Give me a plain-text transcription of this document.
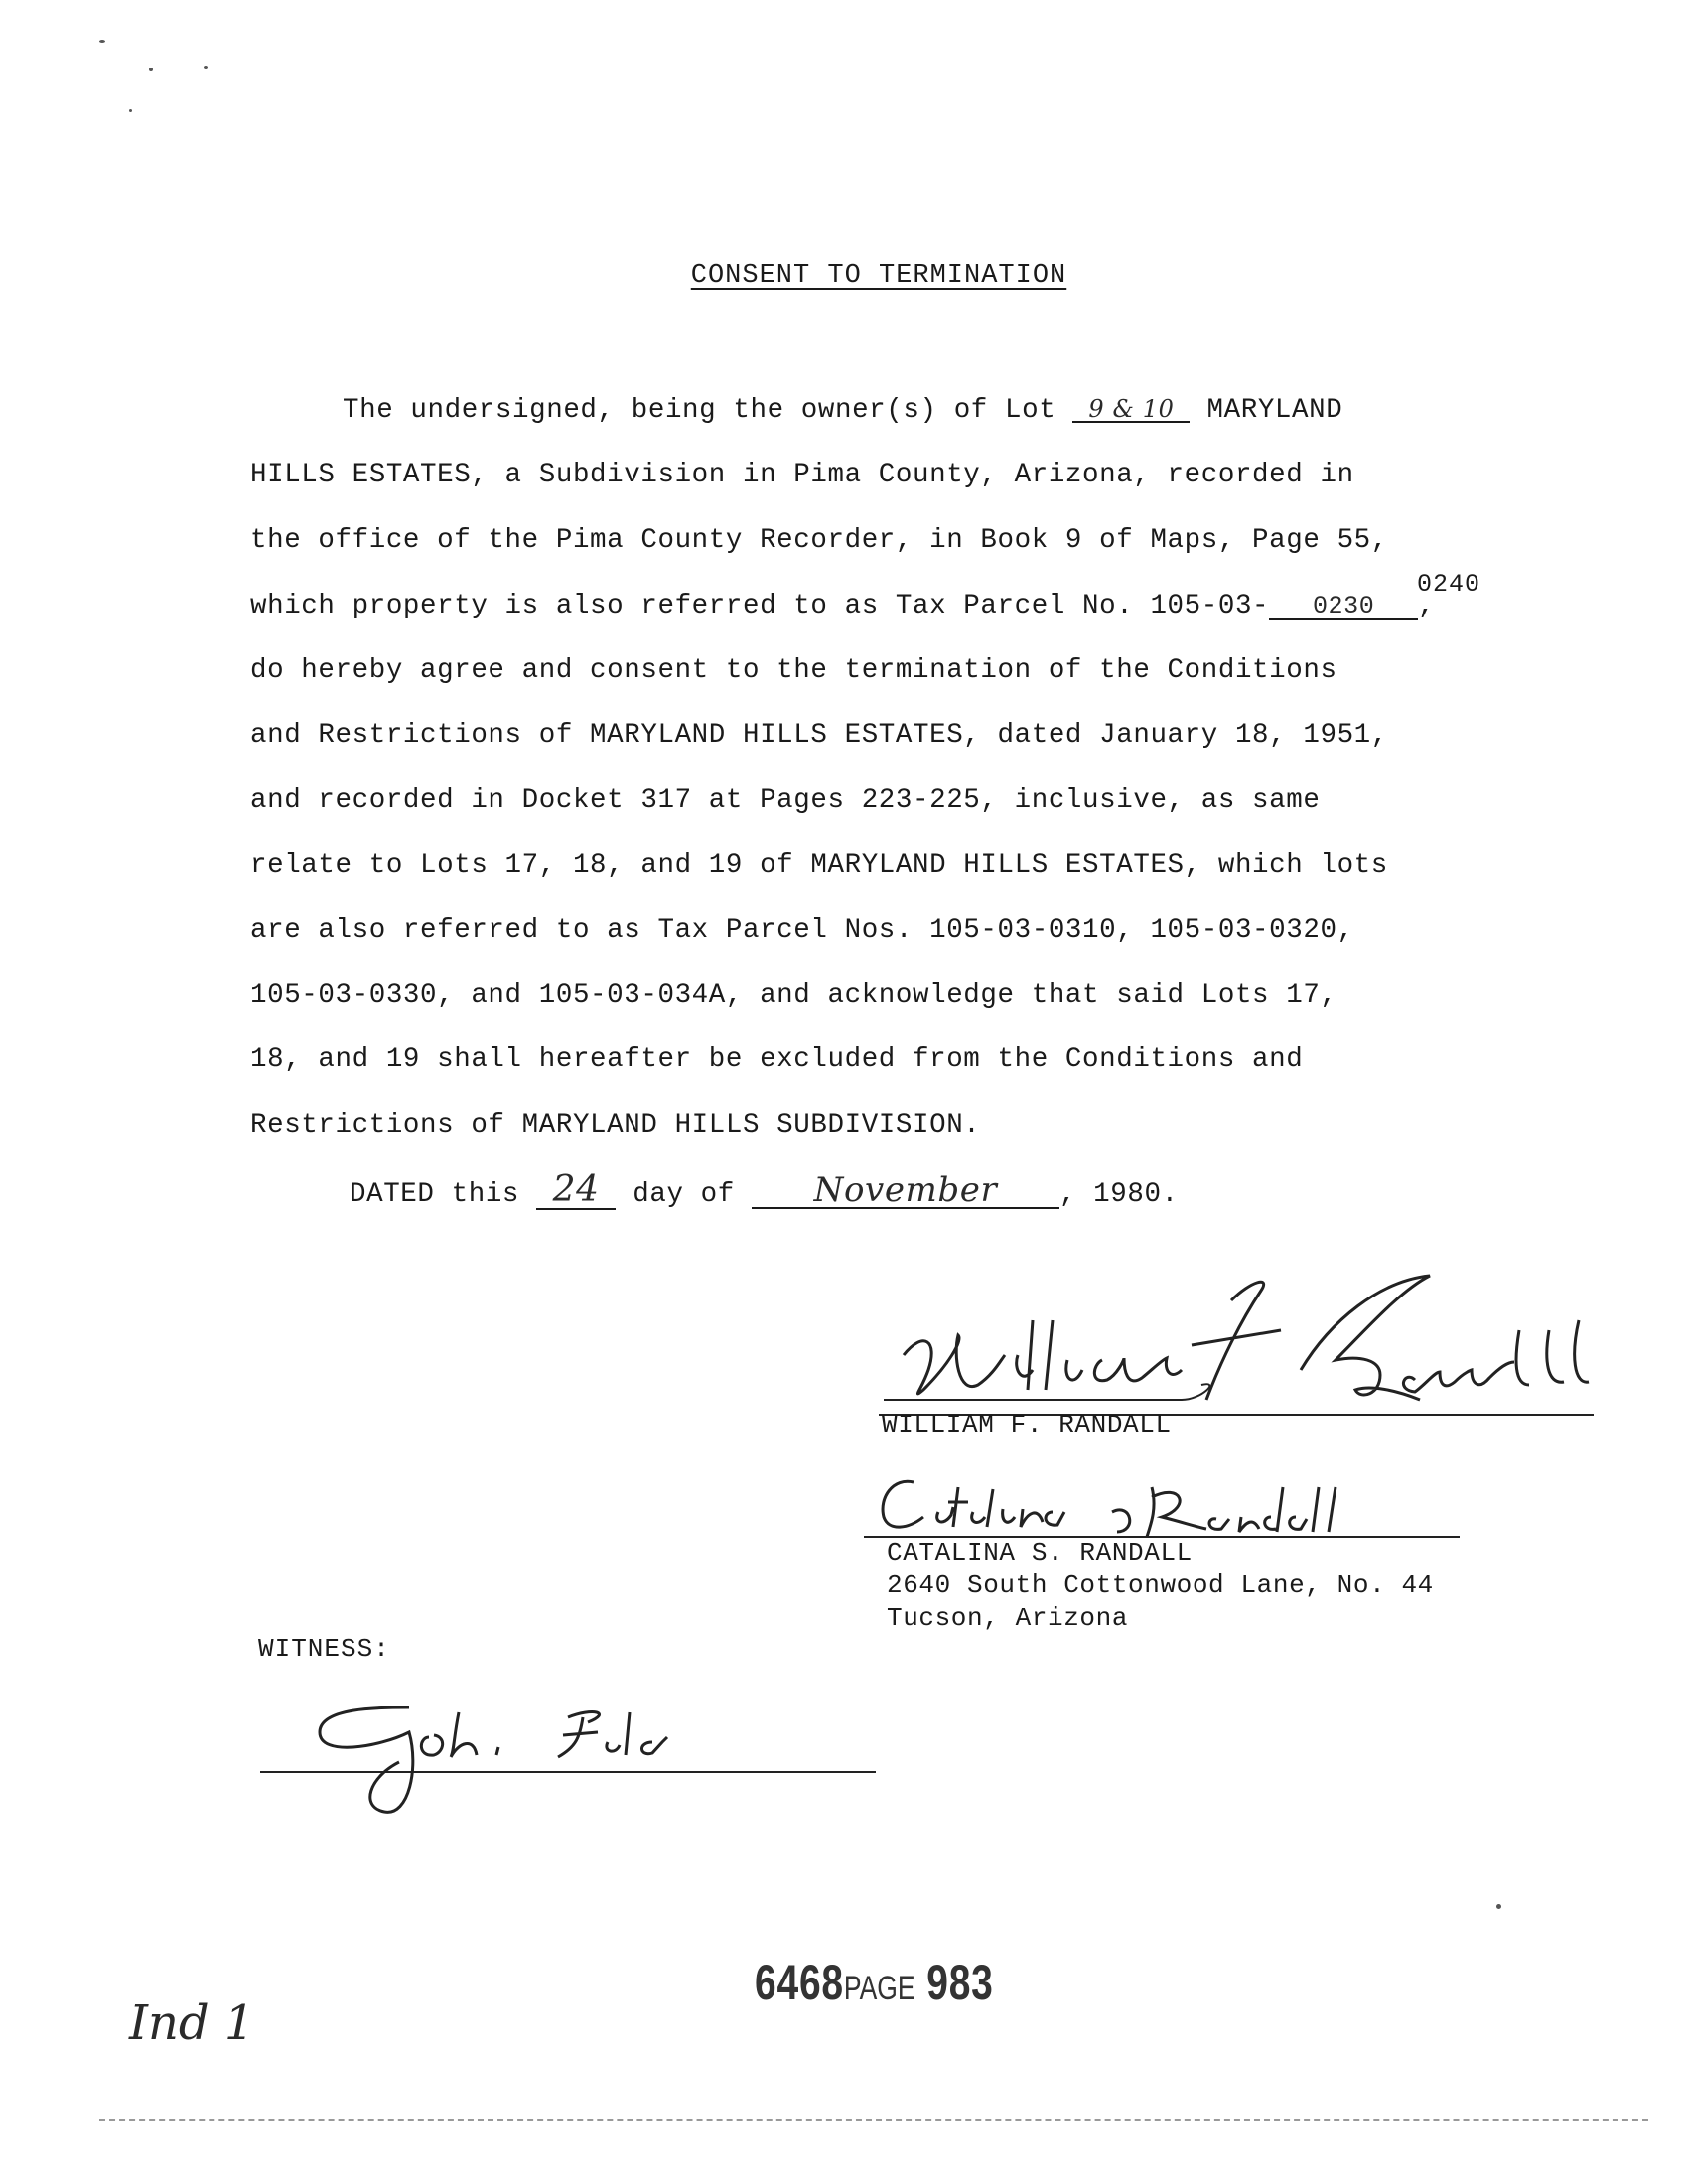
CONSENT TO TERMINATION
The undersigned, being the owner(s) of Lot 9 & 10 MARYLAND
HILLS ESTATES, a Subdivision in Pima County, Arizona, recorded in
the office of the Pima County Recorder, in Book 9 of Maps, Page 55,
0240
which property is also referred to as Tax Parcel No. 105-03- 0230 ,
do hereby agree and consent to the termination of the Conditions
and Restrictions of MARYLAND HILLS ESTATES, dated January 18, 1951,
and recorded in Docket 317 at Pages 223-225, inclusive, as same
relate to Lots 17, 18, and 19 of MARYLAND HILLS ESTATES, which lots
are also referred to as Tax Parcel Nos. 105-03-0310, 105-03-0320,
105-03-0330, and 105-03-034A, and acknowledge that said Lots 17,
18, and 19 shall hereafter be excluded from the Conditions and
Restrictions of MARYLAND HILLS SUBDIVISION.
DATED this 24 day of November , 1980.
WILLIAM F. RANDALL
CATALINA S. RANDALL
2640 South Cottonwood Lane, No. 44
Tucson, Arizona
WITNESS:
6468PAGE 983
Ind 1
